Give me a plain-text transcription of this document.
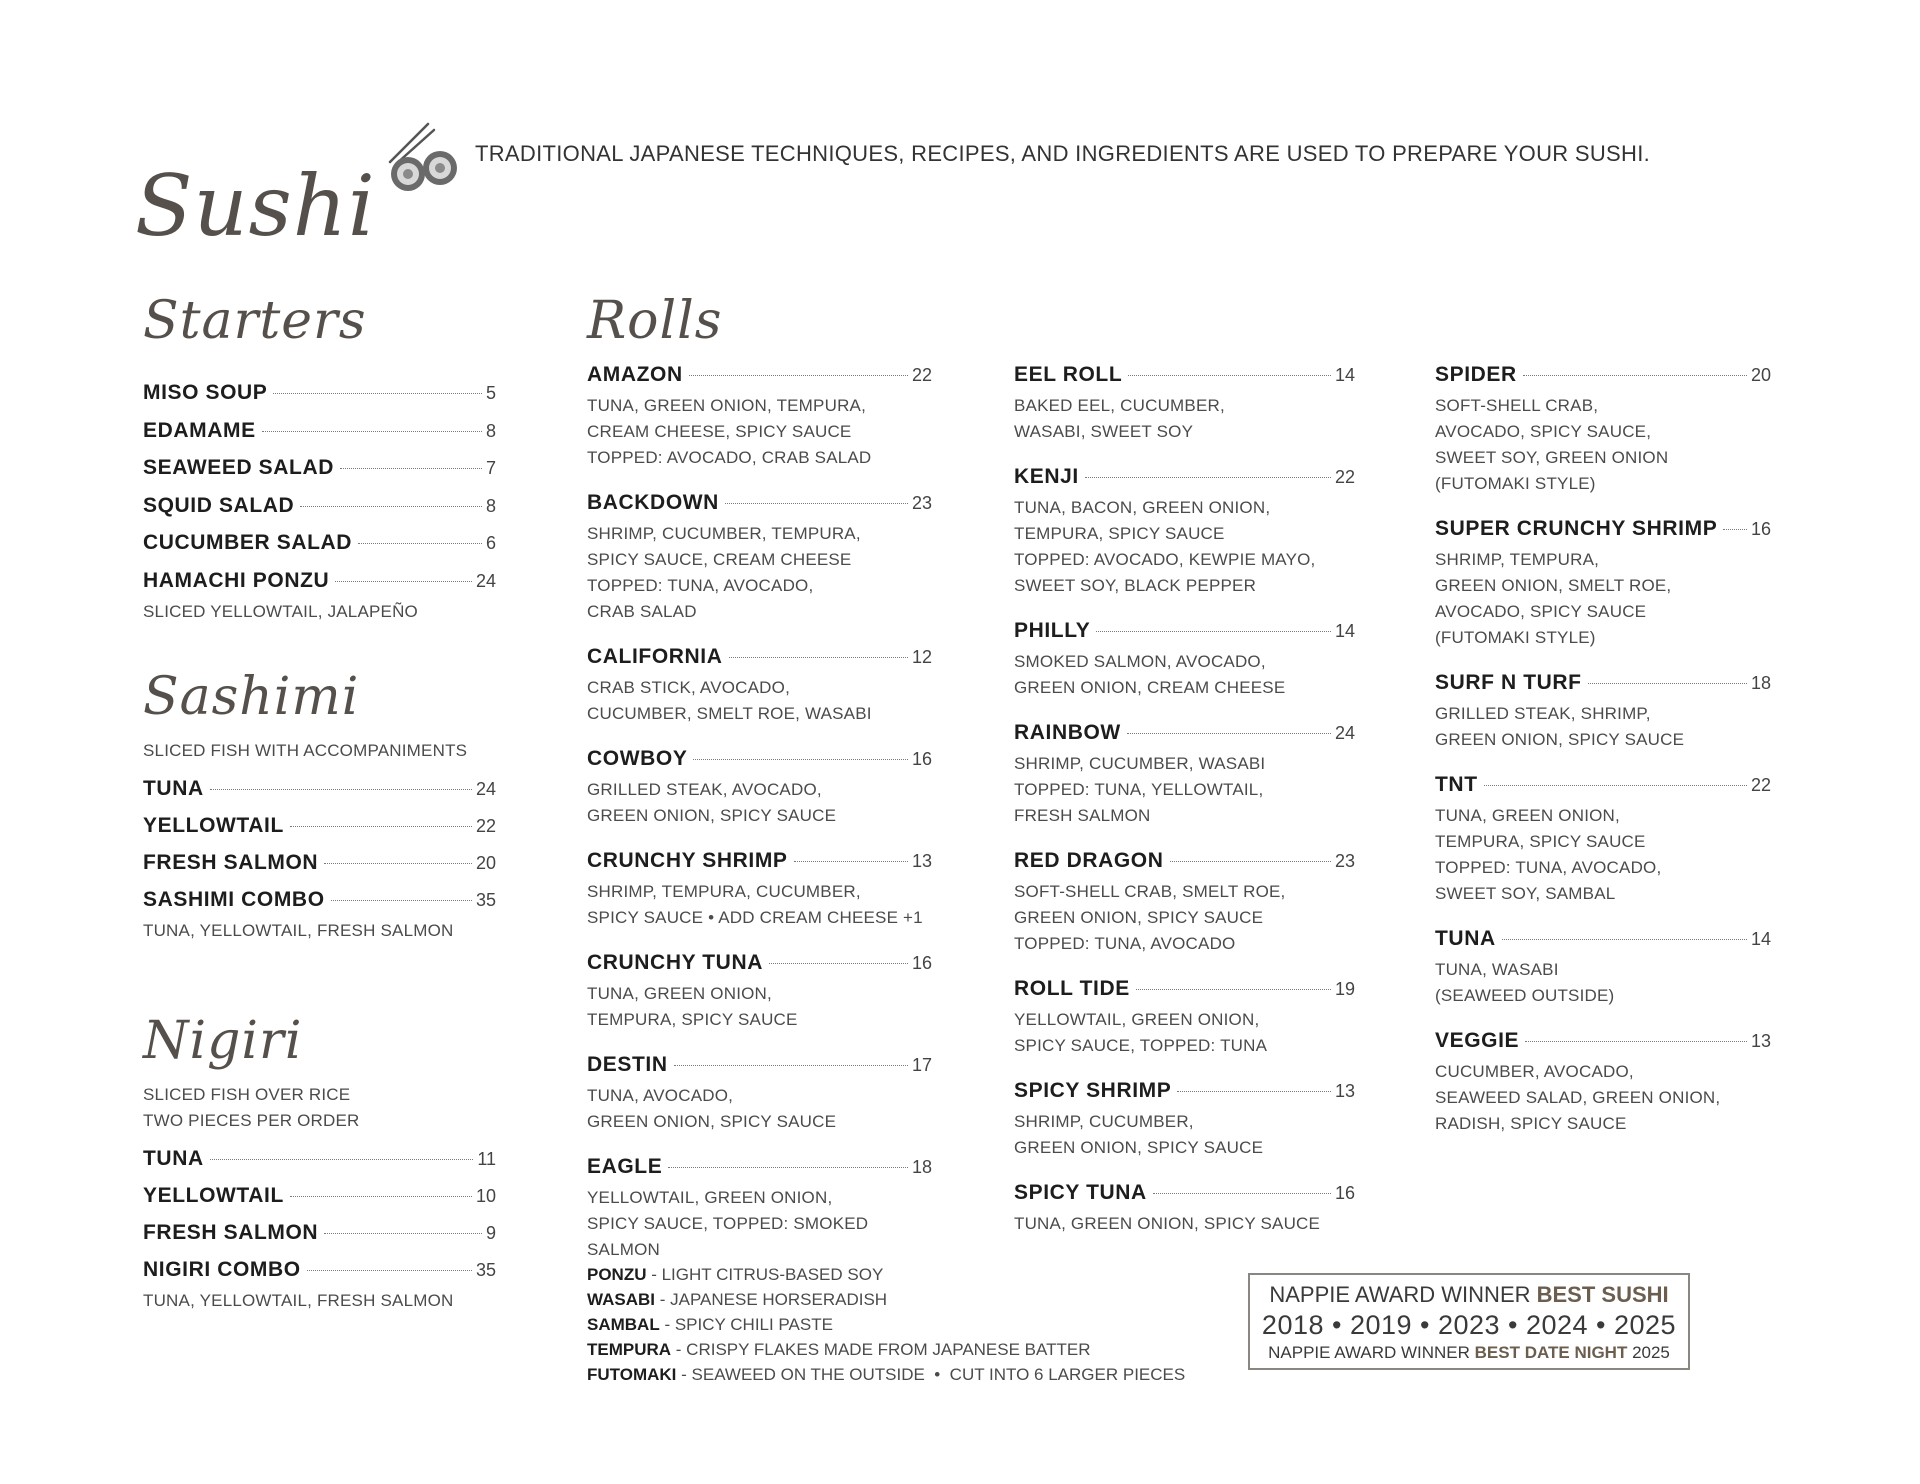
Sushi
TRADITIONAL JAPANESE TECHNIQUES, RECIPES, AND INGREDIENTS ARE USED TO PREPARE YOUR SUSHI.
Starters
MISO SOUP	5
EDAMAME	8
SEAWEED SALAD	7
SQUID SALAD	8
CUCUMBER SALAD	6
HAMACHI PONZU	24
SLICED YELLOWTAIL, JALAPEÑO
Sashimi
SLICED FISH WITH ACCOMPANIMENTS
TUNA	24
YELLOWTAIL	22
FRESH SALMON	20
SASHIMI COMBO	35
TUNA, YELLOWTAIL, FRESH SALMON
Nigiri
SLICED FISH OVER RICE
TWO PIECES PER ORDER
TUNA	11
YELLOWTAIL	10
FRESH SALMON	9
NIGIRI COMBO	35
TUNA, YELLOWTAIL, FRESH SALMON
Rolls
AMAZON	22
TUNA, GREEN ONION, TEMPURA,
CREAM CHEESE, SPICY SAUCE
TOPPED: AVOCADO, CRAB SALAD
BACKDOWN	23
SHRIMP, CUCUMBER, TEMPURA,
SPICY SAUCE, CREAM CHEESE
TOPPED: TUNA, AVOCADO,
CRAB SALAD
CALIFORNIA	12
CRAB STICK, AVOCADO,
CUCUMBER, SMELT ROE, WASABI
COWBOY	16
GRILLED STEAK, AVOCADO,
GREEN ONION, SPICY SAUCE
CRUNCHY SHRIMP	13
SHRIMP, TEMPURA, CUCUMBER,
SPICY SAUCE • ADD CREAM CHEESE +1
CRUNCHY TUNA	16
TUNA, GREEN ONION,
TEMPURA, SPICY SAUCE
DESTIN	17
TUNA, AVOCADO,
GREEN ONION, SPICY SAUCE
EAGLE	18
YELLOWTAIL, GREEN ONION,
SPICY SAUCE, TOPPED: SMOKED SALMON
EEL ROLL	14
BAKED EEL, CUCUMBER,
WASABI, SWEET SOY
KENJI	22
TUNA, BACON, GREEN ONION,
TEMPURA, SPICY SAUCE
TOPPED: AVOCADO, KEWPIE MAYO,
SWEET SOY, BLACK PEPPER
PHILLY	14
SMOKED SALMON, AVOCADO,
GREEN ONION, CREAM CHEESE
RAINBOW	24
SHRIMP, CUCUMBER, WASABI
TOPPED: TUNA, YELLOWTAIL,
FRESH SALMON
RED DRAGON	23
SOFT-SHELL CRAB, SMELT ROE,
GREEN ONION, SPICY SAUCE
TOPPED: TUNA, AVOCADO
ROLL TIDE	19
YELLOWTAIL, GREEN ONION,
SPICY SAUCE, TOPPED: TUNA
SPICY SHRIMP	13
SHRIMP, CUCUMBER,
GREEN ONION, SPICY SAUCE
SPICY TUNA	16
TUNA, GREEN ONION, SPICY SAUCE
SPIDER	20
SOFT-SHELL CRAB,
AVOCADO, SPICY SAUCE,
SWEET SOY, GREEN ONION
(FUTOMAKI STYLE)
SUPER CRUNCHY SHRIMP 16
SHRIMP, TEMPURA,
GREEN ONION, SMELT ROE,
AVOCADO, SPICY SAUCE
(FUTOMAKI STYLE)
SURF N TURF	18
GRILLED STEAK, SHRIMP,
GREEN ONION, SPICY SAUCE
TNT	22
TUNA, GREEN ONION,
TEMPURA, SPICY SAUCE
TOPPED: TUNA, AVOCADO,
SWEET SOY, SAMBAL
TUNA	14
TUNA, WASABI
(SEAWEED OUTSIDE)
VEGGIE	13
CUCUMBER, AVOCADO,
SEAWEED SALAD, GREEN ONION,
RADISH, SPICY SAUCE
PONZU - LIGHT CITRUS-BASED SOY
WASABI - JAPANESE HORSERADISH
SAMBAL - SPICY CHILI PASTE
TEMPURA - CRISPY FLAKES MADE FROM JAPANESE BATTER
FUTOMAKI - SEAWEED ON THE OUTSIDE  •  CUT INTO 6 LARGER PIECES
NAPPIE AWARD WINNER BEST SUSHI
2018 • 2019 • 2023 • 2024 • 2025
NAPPIE AWARD WINNER BEST DATE NIGHT 2025
